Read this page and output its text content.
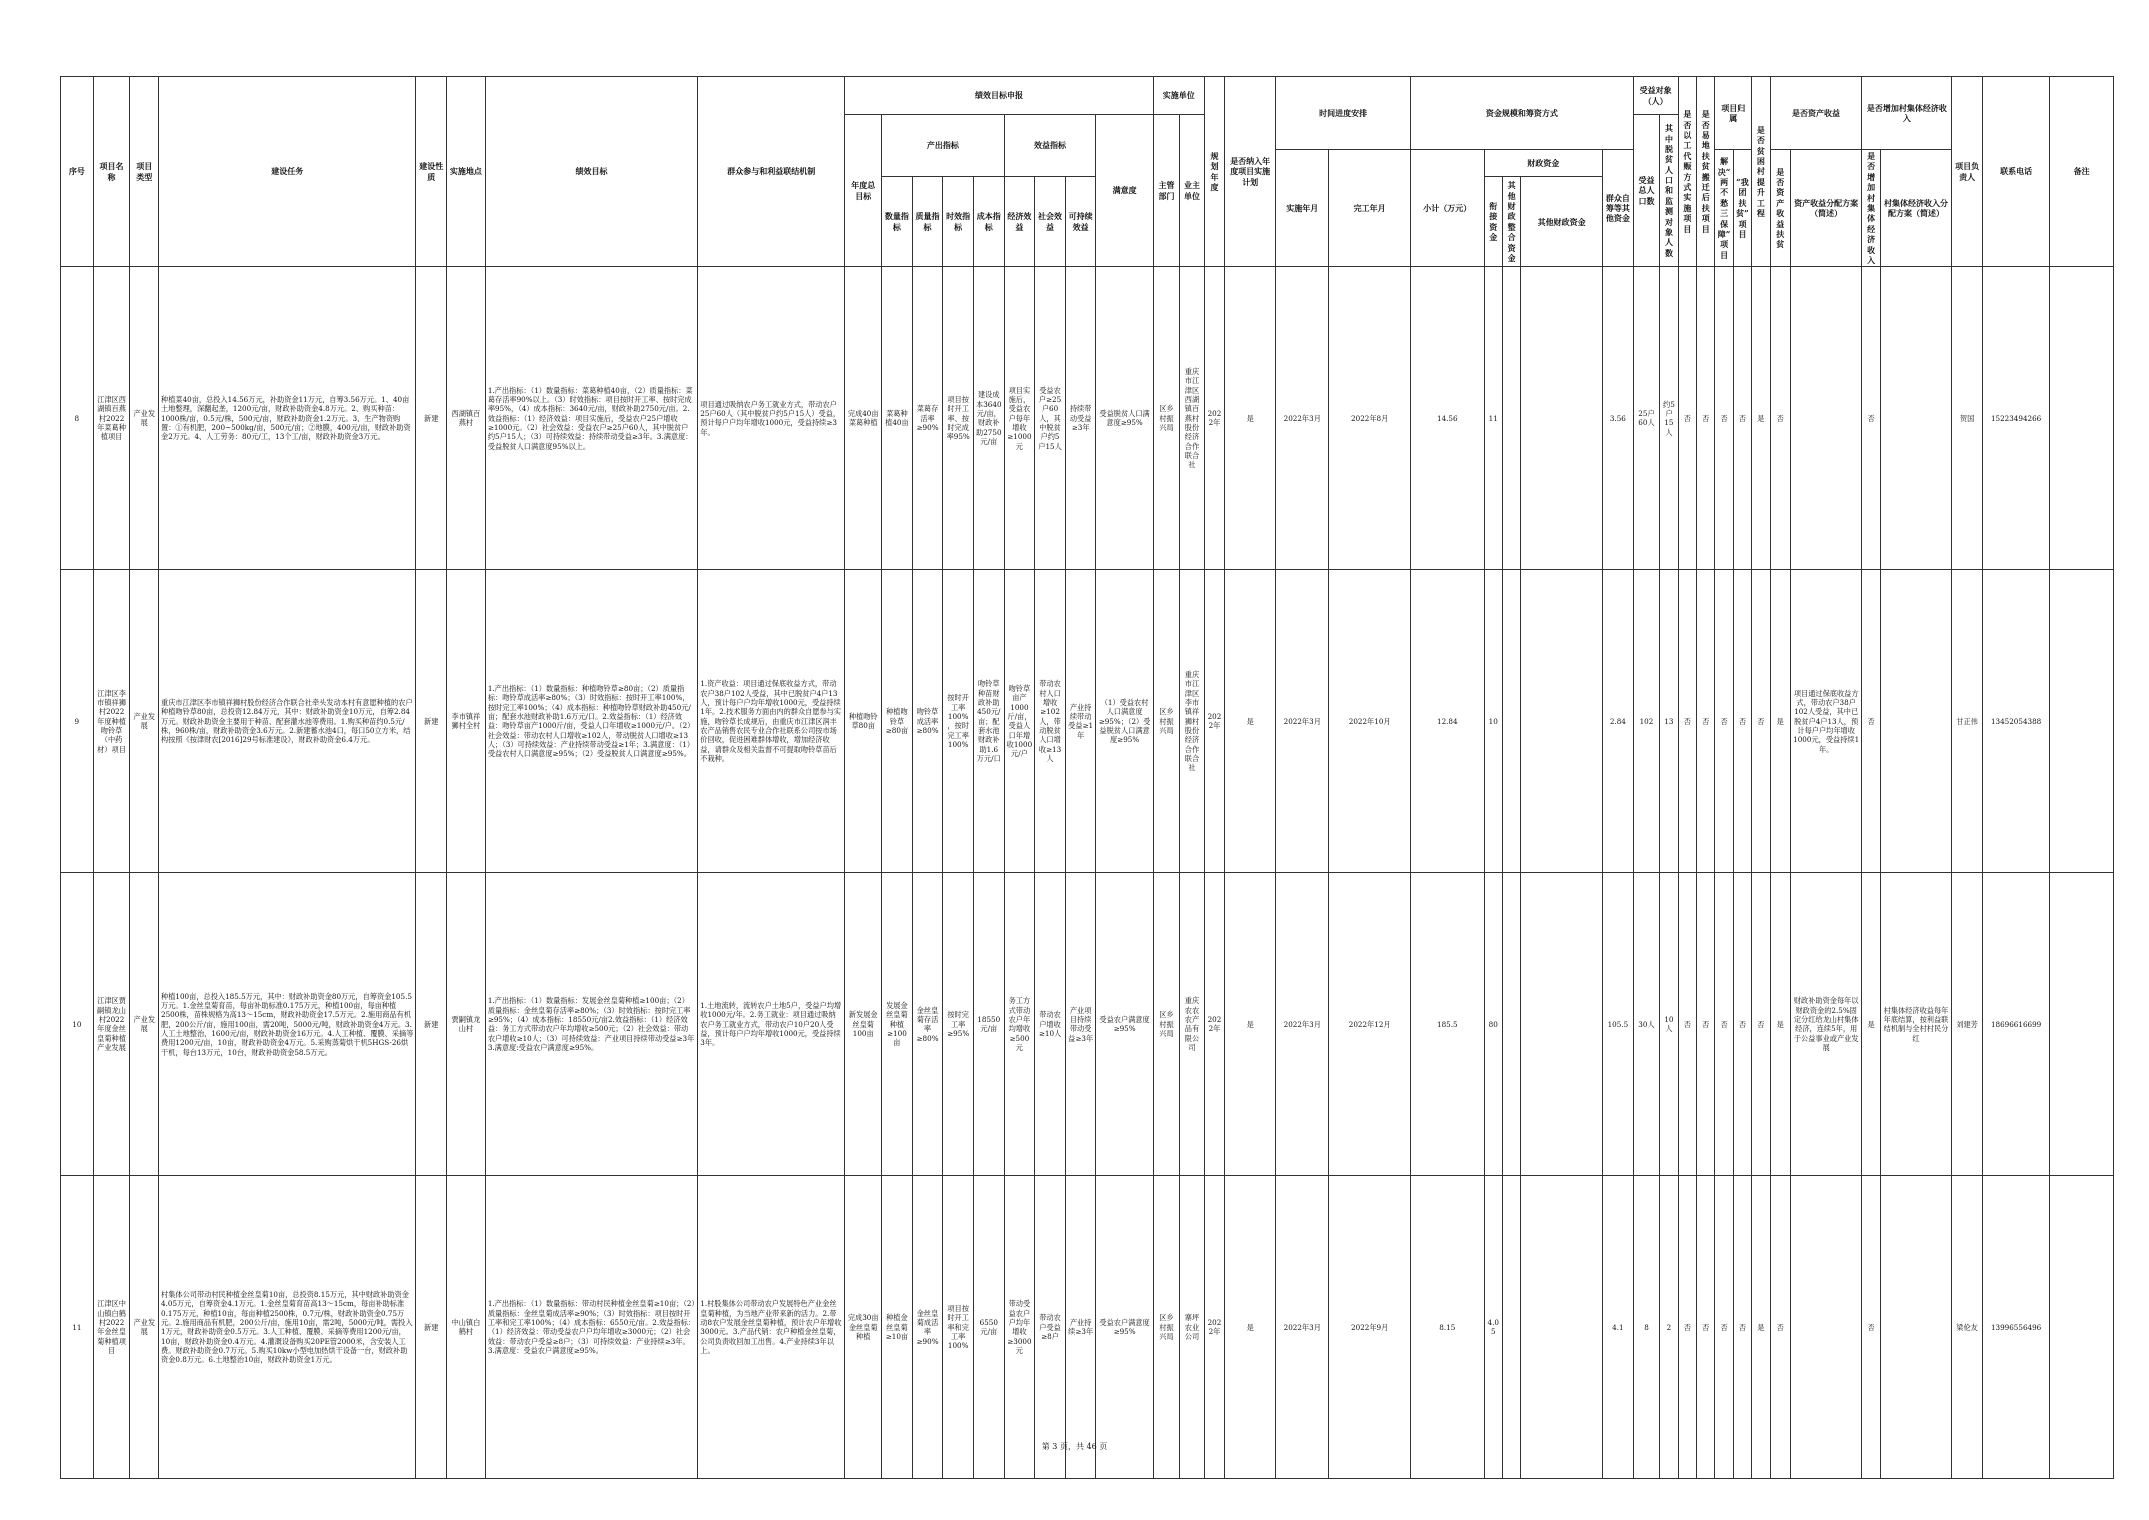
序号	项目名称	项目类型	建设任务	建设性质	实施地点	绩效目标	群众参与和利益联结机制	绩效目标申报									实施单位		规划年度	是否纳入年度项目实施计划	时间进度安排		资金规模和筹资方式					受益对象（人）		是否以工代赈方式实施项目	是否易地扶贫搬迁后扶项目	项目归属		是否贫困村提升工程	是否资产收益		是否增加村集体经济收入		项目负责人	联系电话	备注
								年度总目标	产出指标				效益指标			满意度	主管部门	业主单位										受益总人口数	其中脱贫人口和监测对象人数												
																					实施年月	完工年月	小计（万元）	财政资金			群众自筹等其他资金					解决“两不愁三保障”项目	“我团扶贫”项目		是否资产收益扶贫	资产收益分配方案（简述）	是否增加村集体经济收入	村集体经济收入分配方案（简述）			
									数量指标	质量指标	时效指标	成本指标	经济效益	社会效益	可持续效益									衔接资金	其他财政整合资金	其他财政资金															
8	江津区西湖镇百燕村2022年菜葛种植项目	产业发展	种植菜40亩，总投入14.56万元，补助资金11万元，自筹3.56万元。1、40亩土地整理，深翻起垄，1200元/亩，财政补助资金4.8万元。2、购买种苗：1000株/亩，0.5元/株，500元/亩，财政补助资金1.2万元。3、生产物资购置：①有机肥，200~500kg/亩，500元/亩；②地膜，400元/亩，财政补助资金2万元。4、人工劳务：80元/工，13个工/亩，财政补助资金3万元。	新建	西湖镇百燕村	1.产出指标：（1）数量指标：菜葛种植40亩，（2）质量指标：菜葛存活率90%以上。（3）时效指标：项目按时开工率、按时完成率95%，（4）成本指标：3640元/亩，财政补助2750元/亩。2.效益指标：（1）经济效益：项目实施后，受益农户25户增收≥1000元。（2）社会效益：受益农户≥25户60人，其中脱贫户约5户15人；（3）可持续效益：持续带动受益≥3年。3.满意度：受益脱贫人口满意度95%以上。	项目通过吸纳农户务工就业方式，带动农户25户60人（其中脱贫户约5户15人）受益，预计每户户均年增收1000元，受益持续≥3年。	完成40亩菜葛种植	菜葛种植40亩	菜葛存活率≥90%	项目按时开工率、按时完成率95%	建设成本3640元/亩，财政补助2750元/亩	项目实施后，受益农户每年增收≥1000元	受益农户≥25户60人，其中脱贫户约5户15人	持续带动受益≥3年	受益脱贫人口满意度≥95%	区乡村振兴局	重庆市江津区西湖镇百燕村股份经济合作联合社	2022年	是	2022年3月	2022年8月	14.56	11			3.56	25户60人	约5户15人	否	否	否	否	是	否		否		贺国	15223494266	
9	江津区李市镇祥狮村2022年度种植吻铃草（中药材）项目	产业发展	重庆市江津区李市镇祥狮村股份经济合作联合社牵头发动本村有意愿种植的农户种植吻铃草80亩，总投资12.84万元，其中：财政补助资金10万元，自筹2.84万元。财政补助资金主要用于种苗、配套灌水池等费用。1.购买种苗约0.5元/株，960株/亩，财政补助资金3.6万元。2.新建蓄水池4口，每口50立方米，结构按照《按津财农[2016]29号标准建设》，财政补助资金6.4万元。	新建	李市镇祥狮村全村	1.产出指标：（1）数量指标：种植吻铃草≥80亩；（2）质量指标：吻铃草成活率≥80%；（3）时效指标：按时开工率100%，按时完工率100%；（4）成本指标：种植吻铃草财政补助450元/亩；配套水池财政补助1.6万元/口。2.效益指标：（1）经济效益：吻铃草亩产1000斤/亩，受益人口年增收≥1000元/户。（2）社会效益：带动农村人口增收≥102人，带动脱贫人口增收≥13人；（3）可持续效益：产业持续带动受益≥1年；3.满意度：（1）受益农村人口满意度≥95%；（2）受益脱贫人口满意度≥95%。	1.资产收益：项目通过保底收益方式，带动农户38户102人受益，其中已脱贫户4户13人，预计每户户均年增收1000元，受益持续1年。2.技术服务方面由内的群众自愿参与实施，吻铃草长成规后，由重庆市江津区润丰农产品销售农民专业合作社联系公司按市场价回收，促进困难群体增收，增加经济收益，请群众及相关监督不可提取吻铃草苗后不栽种。	种植吻铃草80亩	种植吻铃草≥80亩	吻铃草成活率≥80%	按时开工率100%，按时完工率100%	吻铃草种苗财政补助450元/亩；配套水池财政补助1.6万元/口	吻铃草亩产1000斤/亩，受益人口年增收1000元/户	带动农村人口增收≥102人，带动脱贫人口增收≥13人	产业持续带动受益≥1年	（1）受益农村人口满意度≥95%；（2）受益脱贫人口满意度≥95%	区乡村振兴局	重庆市江津区李市镇祥狮村股份经济合作联合社	2022年	是	2022年3月	2022年10月	12.84	10			2.84	102	13	否	否	否	否	否	是	项目通过保底收益方式，带动农户38户102人受益，其中已脱贫户4户13人，预计每户户均年增收1000元，受益持续1年。	否		甘正伟	13452054388	
10	江津区贾嗣镇龙山村2022年度金丝皇菊种植产业发展	产业发展	种植100亩，总投入185.5万元，其中：财政补助资金80万元，自筹资金105.5万元。1.金丝皇菊育苗，每亩补助标准0.175万元，种植100亩，每亩种植2500株，苗株规格为高13～15cm，财政补助资金17.5万元。2.施用商品有机肥，200公斤/亩，施用100亩，需20吨，5000元/吨，财政补助资金4万元。3.人工土地整治，1600元/亩，财政补助资金16万元。4.人工种植、覆膜、采摘等费用1200元/亩，10亩，财政补助资金4万元。5.采购蒸菊烘干机5HGS-26烘干机，每台13万元，10台，财政补助资金58.5万元。	新建	贾嗣镇龙山村	1.产出指标：（1）数量指标：发展金丝皇菊种植≥100亩；（2）质量指标：金丝皇菊存活率≥80%；（3）时效指标：按时完工率≥95%；（4）成本指标：18550元/亩2.效益指标：（1）经济效益：务工方式带动农户年均增收≥500元；（2）社会效益：带动农户增收≥10人；（3）可持续效益：产业项目持续带动受益≥3年3.满意度:受益农户满意度≥95%。	1.土地流转，流转农户土地5户，受益户均增收1000元/年。2.务工就业：项目通过吸纳农户务工就业方式，带动农户10户20人受益，预计每户户均年增收1000元，受益持续3年。	新发展金丝皇菊100亩	发展金丝皇菊种植≥100亩	金丝皇菊存活率≥80%	按时完工率≥95%	18550元/亩	务工方式带动农户年均增收≥500元	带动农户增收≥10人	产业项目持续带动受益≥3年	受益农户满意度≥95%	区乡村振兴局	重庆农农农产品有限公司	2022年	是	2022年3月	2022年12月	185.5	80			105.5	30人	10人	否	否	否	否	否	是	财政补助资金每年以财政资金的2.5%固定分红给龙山村集体经济，连续5年，用于公益事业或产业发展	是	村集体经济收益每年年底结算，按利益联结机制与全村村民分红	刘建芳	18696616699	
11	江津区中山镇白鹤村2022年金丝皇菊种植项目	产业发展	村集体公司带动村民种植金丝皇菊10亩，总投资8.15万元，其中财政补助资金4.05万元，自筹资金4.1万元。1.金丝皇菊育苗高13～15cm，每亩补助标准0.175万元，种植10亩，每亩种植2500株，0.7元/株，财政补助资金0.75万元。2.施用商品有机肥，200公斤/亩，施用10亩，需2吨，5000元/吨，需投入1万元，财政补助资金0.5万元。3.人工种植、覆膜、采摘等费用1200元/亩，10亩，财政补助资金0.4万元。4.灌溉设备购买20PE管2000米，含安装人工费。财政补助资金0.7万元。5.购买10kw小型电加热烘干设备一台，财政补助资金0.8万元。6.土地整治10亩，财政补助资金1万元。	新建	中山镇白鹤村	1.产出指标：（1）数量指标：带动村民种植金丝皇菊≥10亩；（2）质量指标：金丝皇菊成活率≥90%；（3）时效指标：项目按时开工率和完工率100%；（4）成本指标：6550元/亩。2.效益指标：（1）经济效益：带动受益农户户均年增收≥3000元；（2）社会效益：带动农户受益≥8户；（3）可持续效益：产业持续≥3年。3.满意度：受益农户满意度≥95%。	1.村股集体公司带动农户发展特色产业金丝皇菊种植，为当地产业带来新的活力。2.带动8农户发展金丝皇菊种植，预计农户年增收3000元。3.产品代销：农户种植金丝皇菊，公司负责收回加工出售。4.产业持续3年以上。	完成30亩金丝皇菊种植	种植金丝皇菊≥10亩	金丝皇菊成活率≥90%	项目按时开工率和完工率100%	6550元/亩	带动受益农户户均年增收≥3000元	带动农户受益≥8户	产业持续≥3年	受益农户满意度≥95%	区乡村振兴局	寨坪农业公司	2022年	是	2022年3月	2022年9月	8.15	4.05			4.1	8	2	否	否	否	否	是	否		否		梁伦友	13996556496	
第 3 页，共 46 页
